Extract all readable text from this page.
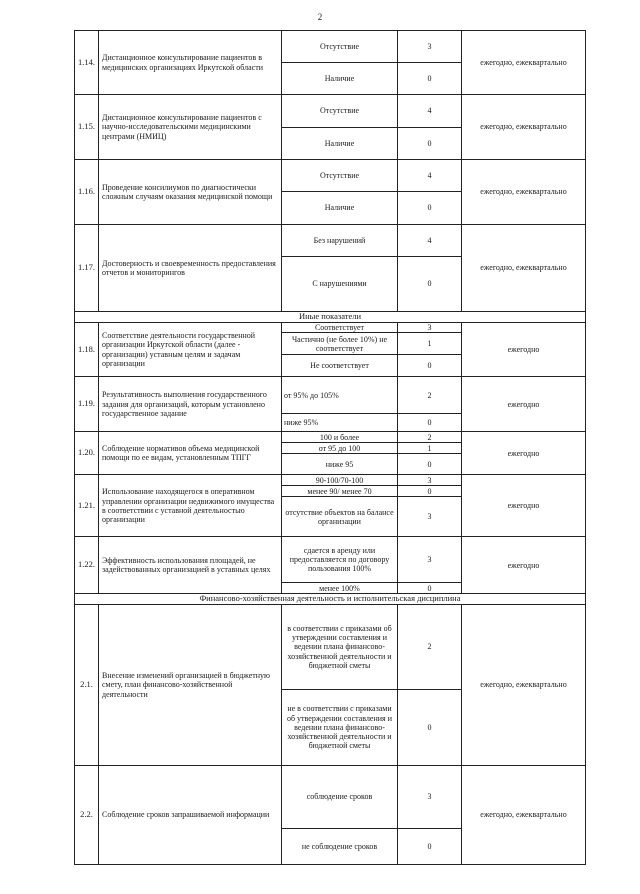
2
1.14.	Дистанционное консультирование пациентов в медицинских организациях Иркутской области	Отсутствие	3	ежегодно, ежеквартально
		Наличие	0	
1.15.	Дистанционное консультирование пациентов с научно-исследовательскими медицинскими центрами (НМИЦ)	Отсутствие	4	ежегодно, ежеквартально
		Наличие	0	
1.16.	Проведение консилиумов по диагностически сложным случаям оказания медицинской помощи	Отсутствие	4	ежегодно, ежеквартально
		Наличие	0	
1.17.	Достоверность и своевременность предоставления отчетов и мониторингов	Без нарушений	4	ежегодно, ежеквартально
		С нарушениями	0	
Иные показатели				
1.18.	Соответствие деятельности государственной организации Иркутской области (далее - организации) уставным целям и задачам организации	Соответствует	3	ежегодно
		Частично (не более 10%) не соответствует	1	
		Не соответствует	0	
1.19.	Результативность выполнения государственного задания для организаций, которым установлено государственное задание	от 95% до 105%	2	ежегодно
		ниже 95%	0	
1.20.	Соблюдение нормативов объема медицинской помощи по ее видам, установленным ТПГГ	100 и более	2	ежегодно
		от 95 до 100	1	
		ниже 95	0	
1.21.	Использование находящегося в оперативном управлении организации недвижимого имущества в соответствии с уставной деятельностью организации	90-100/70-100	3	ежегодно
		менее 90/ менее 70	0	
		отсутствие объектов на балансе организации	3	
1.22.	Эффективность использования площадей, не задействованных организацией в уставных целях	сдается в аренду или предоставляется по договору пользования 100%	3	ежегодно
		менее 100%	0	
Финансово-хозяйственная деятельность и исполнительская дисциплина				
2.1.	Внесение изменений организацией в бюджетную смету, план финансово-хозяйственной деятельности	в соответствии с приказами об утверждении составления и ведении плана финансово-хозяйственной деятельности и бюджетной сметы	2	ежегодно, ежеквартально
		не в соответствии с приказами об утверждении составления и ведении плана финансово- хозяйственной деятельности и бюджетной сметы	0	
2.2.	Соблюдение сроков запрашиваемой информации	соблюдение сроков	3	ежегодно, ежеквартально
		не соблюдение сроков	0	
